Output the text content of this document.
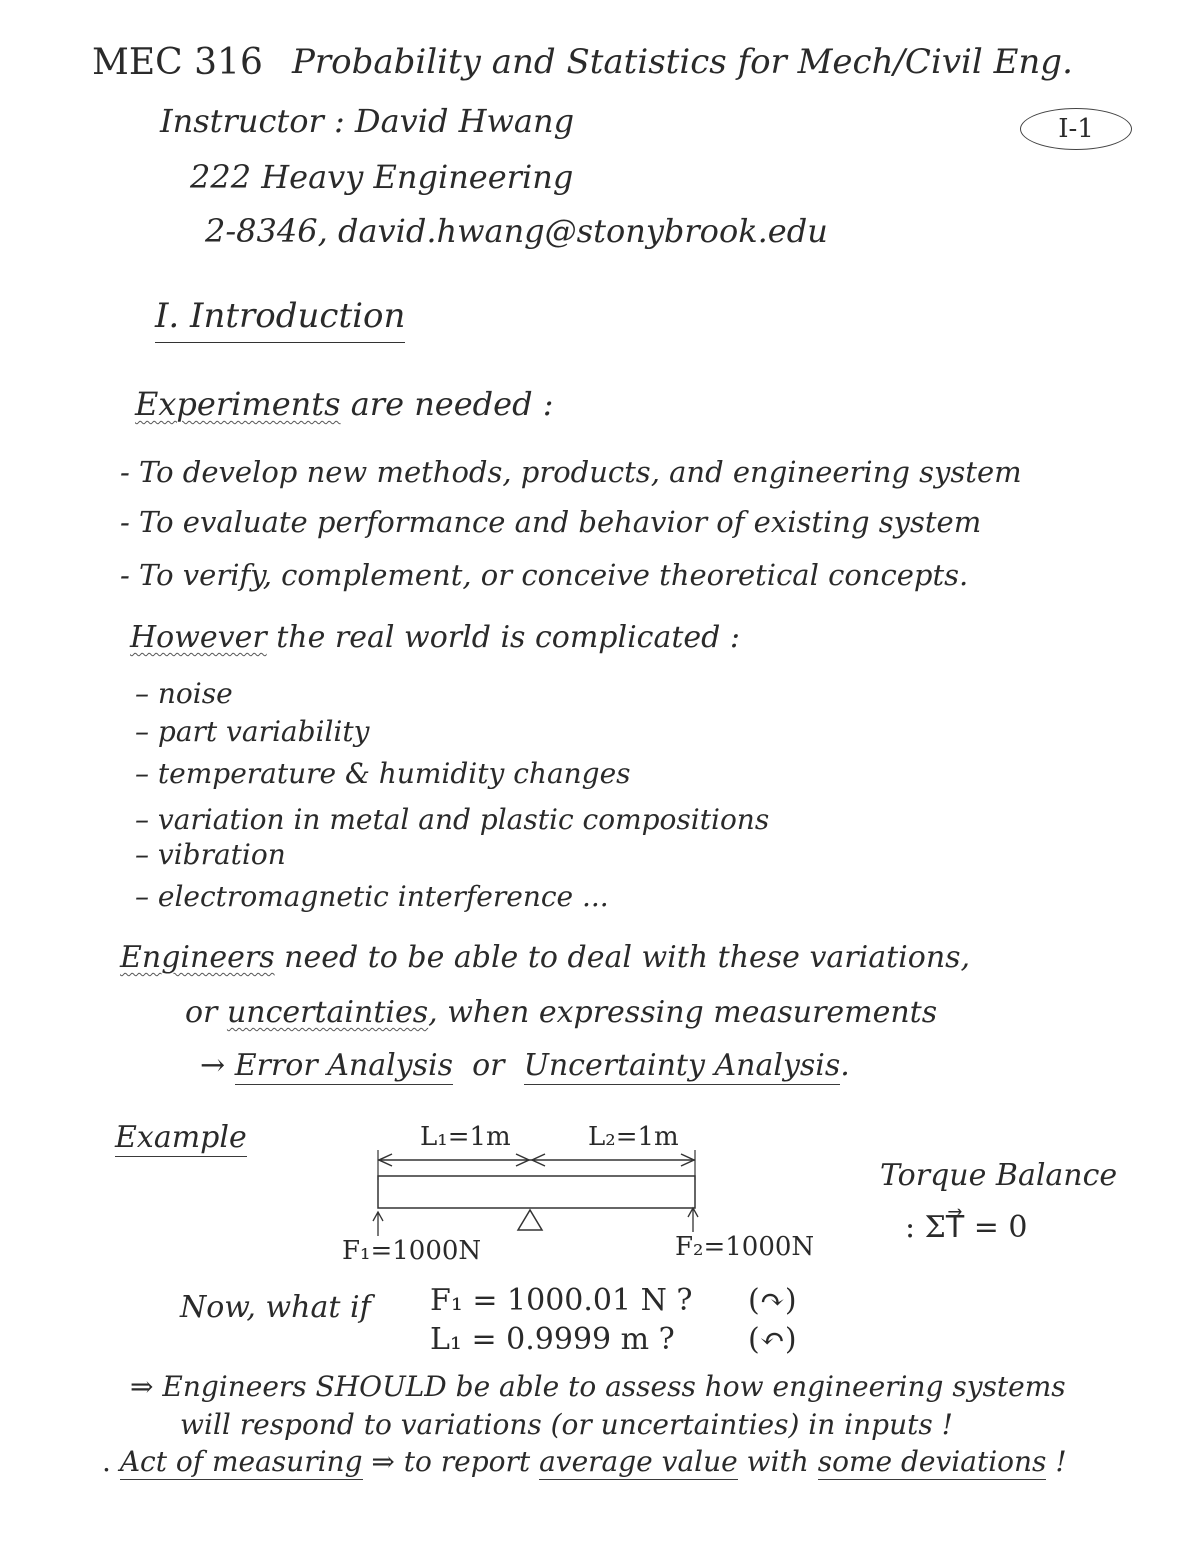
MEC 316 Probability and Statistics for Mech/Civil Eng.
Instructor : David Hwang	I-1
222 Heavy Engineering
2-8346, david.hwang@stonybrook.edu
I. Introduction
Experiments are needed :
- To develop new methods, products, and engineering system
- To evaluate performance and behavior of existing system
- To verify, complement, or conceive theoretical concepts.
However the real world is complicated :
– noise
– part variability
– temperature & humidity changes
– variation in metal and plastic compositions
– vibration
– electromagnetic interference ...
Engineers need to be able to deal with these variations,
or uncertainties, when expressing measurements
→ Error Analysis or Uncertainty Analysis.
Example	L₁=1m	L₂=1m
F₁=1000N	F₂=1000N
Torque Balance
: ΣT⃗ = 0
Now, what if F₁ = 1000.01 N ? (↷)
L₁ = 0.9999 m ? (↶)
⇒ Engineers SHOULD be able to assess how engineering systems
will respond to variations (or uncertainties) in inputs !
. Act of measuring ⇒ to report average value with some deviations !
